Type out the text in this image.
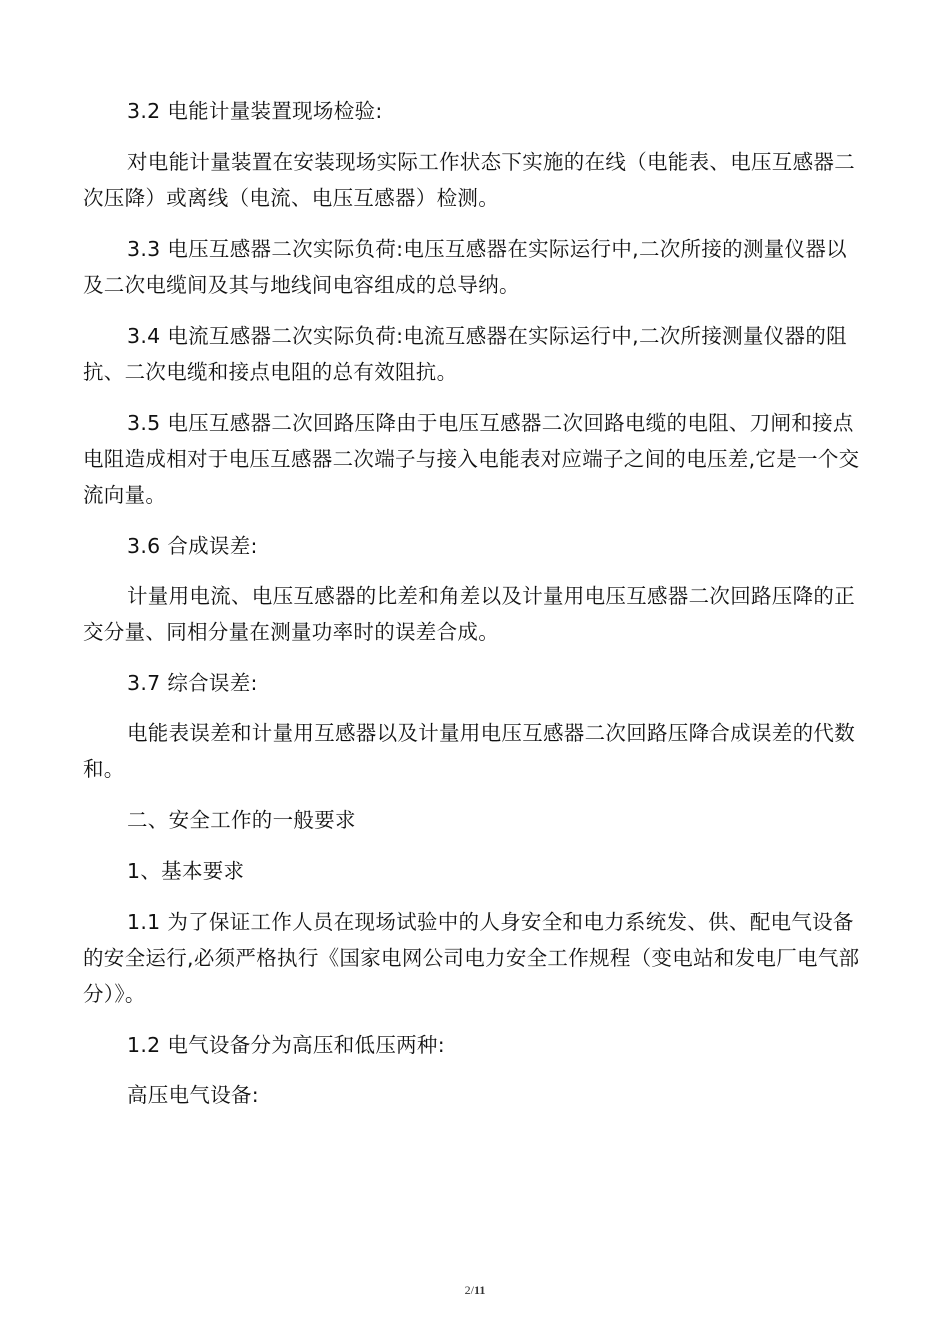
3.2 电能计量装置现场检验:

对电能计量装置在安装现场实际工作状态下实施的在线（电能表、电压互感器二次压降）或离线（电流、电压互感器）检测。

3.3 电压互感器二次实际负荷:电压互感器在实际运行中,二次所接的测量仪器以及二次电缆间及其与地线间电容组成的总导纳。

3.4 电流互感器二次实际负荷:电流互感器在实际运行中,二次所接测量仪器的阻抗、二次电缆和接点电阻的总有效阻抗。

3.5 电压互感器二次回路压降由于电压互感器二次回路电缆的电阻、刀闸和接点电阻造成相对于电压互感器二次端子与接入电能表对应端子之间的电压差,它是一个交流向量。

3.6 合成误差:

计量用电流、电压互感器的比差和角差以及计量用电压互感器二次回路压降的正交分量、同相分量在测量功率时的误差合成。

3.7 综合误差:

电能表误差和计量用互感器以及计量用电压互感器二次回路压降合成误差的代数和。

二、安全工作的一般要求

1、基本要求

1.1 为了保证工作人员在现场试验中的人身安全和电力系统发、供、配电气设备的安全运行,必须严格执行《国家电网公司电力安全工作规程（变电站和发电厂电气部分）》。

1.2 电气设备分为高压和低压两种:

高压电气设备:

2/11
